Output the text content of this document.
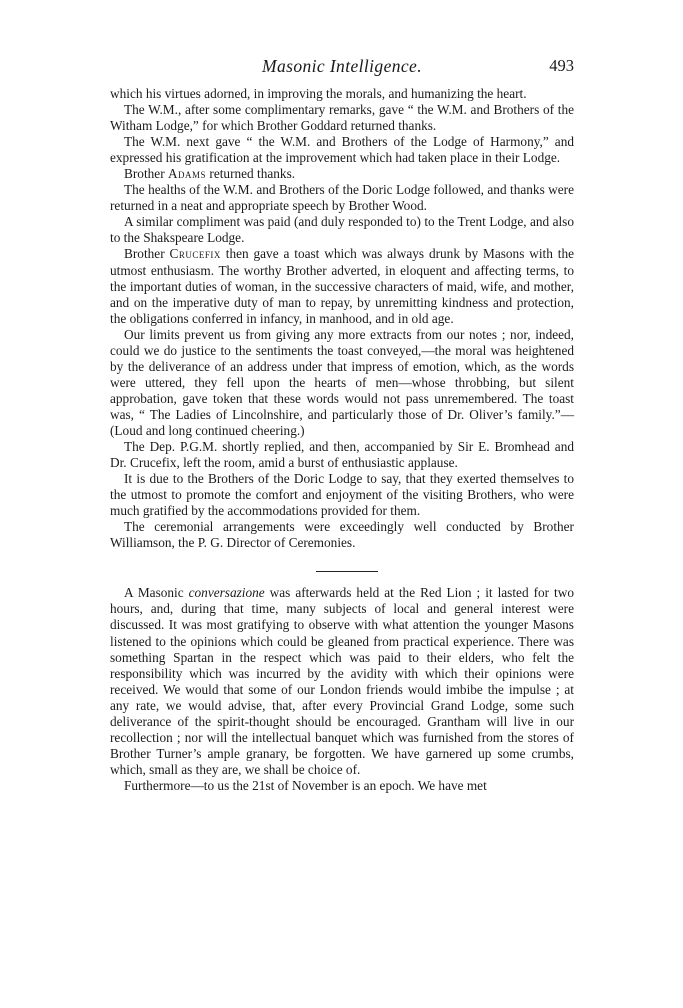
Masonic Intelligence.	493

which his virtues adorned, in improving the morals, and humanizing the heart.

The W.M., after some complimentary remarks, gave “ the W.M. and Brothers of the Witham Lodge,” for which Brother Goddard returned thanks.

The W.M. next gave “ the W.M. and Brothers of the Lodge of Harmony,” and expressed his gratification at the improvement which had taken place in their Lodge.

Brother Adams returned thanks.

The healths of the W.M. and Brothers of the Doric Lodge followed, and thanks were returned in a neat and appropriate speech by Brother Wood.

A similar compliment was paid (and duly responded to) to the Trent Lodge, and also to the Shakspeare Lodge.

Brother Crucefix then gave a toast which was always drunk by Masons with the utmost enthusiasm. The worthy Brother adverted, in eloquent and affecting terms, to the important duties of woman, in the successive characters of maid, wife, and mother, and on the imperative duty of man to repay, by unremitting kindness and protection, the obligations conferred in infancy, in manhood, and in old age.

Our limits prevent us from giving any more extracts from our notes ; nor, indeed, could we do justice to the sentiments the toast conveyed,—the moral was heightened by the deliverance of an address under that impress of emotion, which, as the words were uttered, they fell upon the hearts of men—whose throbbing, but silent approbation, gave token that these words would not pass unremembered. The toast was, “ The Ladies of Lincolnshire, and particularly those of Dr. Oliver’s family.”—(Loud and long continued cheering.)

The Dep. P.G.M. shortly replied, and then, accompanied by Sir E. Bromhead and Dr. Crucefix, left the room, amid a burst of enthusiastic applause.

It is due to the Brothers of the Doric Lodge to say, that they exerted themselves to the utmost to promote the comfort and enjoyment of the visiting Brothers, who were much gratified by the accommodations provided for them.

The ceremonial arrangements were exceedingly well conducted by Brother Williamson, the P. G. Director of Ceremonies.

A Masonic conversazione was afterwards held at the Red Lion ; it lasted for two hours, and, during that time, many subjects of local and general interest were discussed. It was most gratifying to observe with what attention the younger Masons listened to the opinions which could be gleaned from practical experience. There was something Spartan in the respect which was paid to their elders, who felt the responsibility which was incurred by the avidity with which their opinions were received. We would that some of our London friends would imbibe the impulse ; at any rate, we would advise, that, after every Provincial Grand Lodge, some such deliverance of the spirit-thought should be encouraged. Grantham will live in our recollection ; nor will the intellectual banquet which was furnished from the stores of Brother Turner’s ample granary, be forgotten. We have garnered up some crumbs, which, small as they are, we shall be choice of.

Furthermore—to us the 21st of November is an epoch. We have met
